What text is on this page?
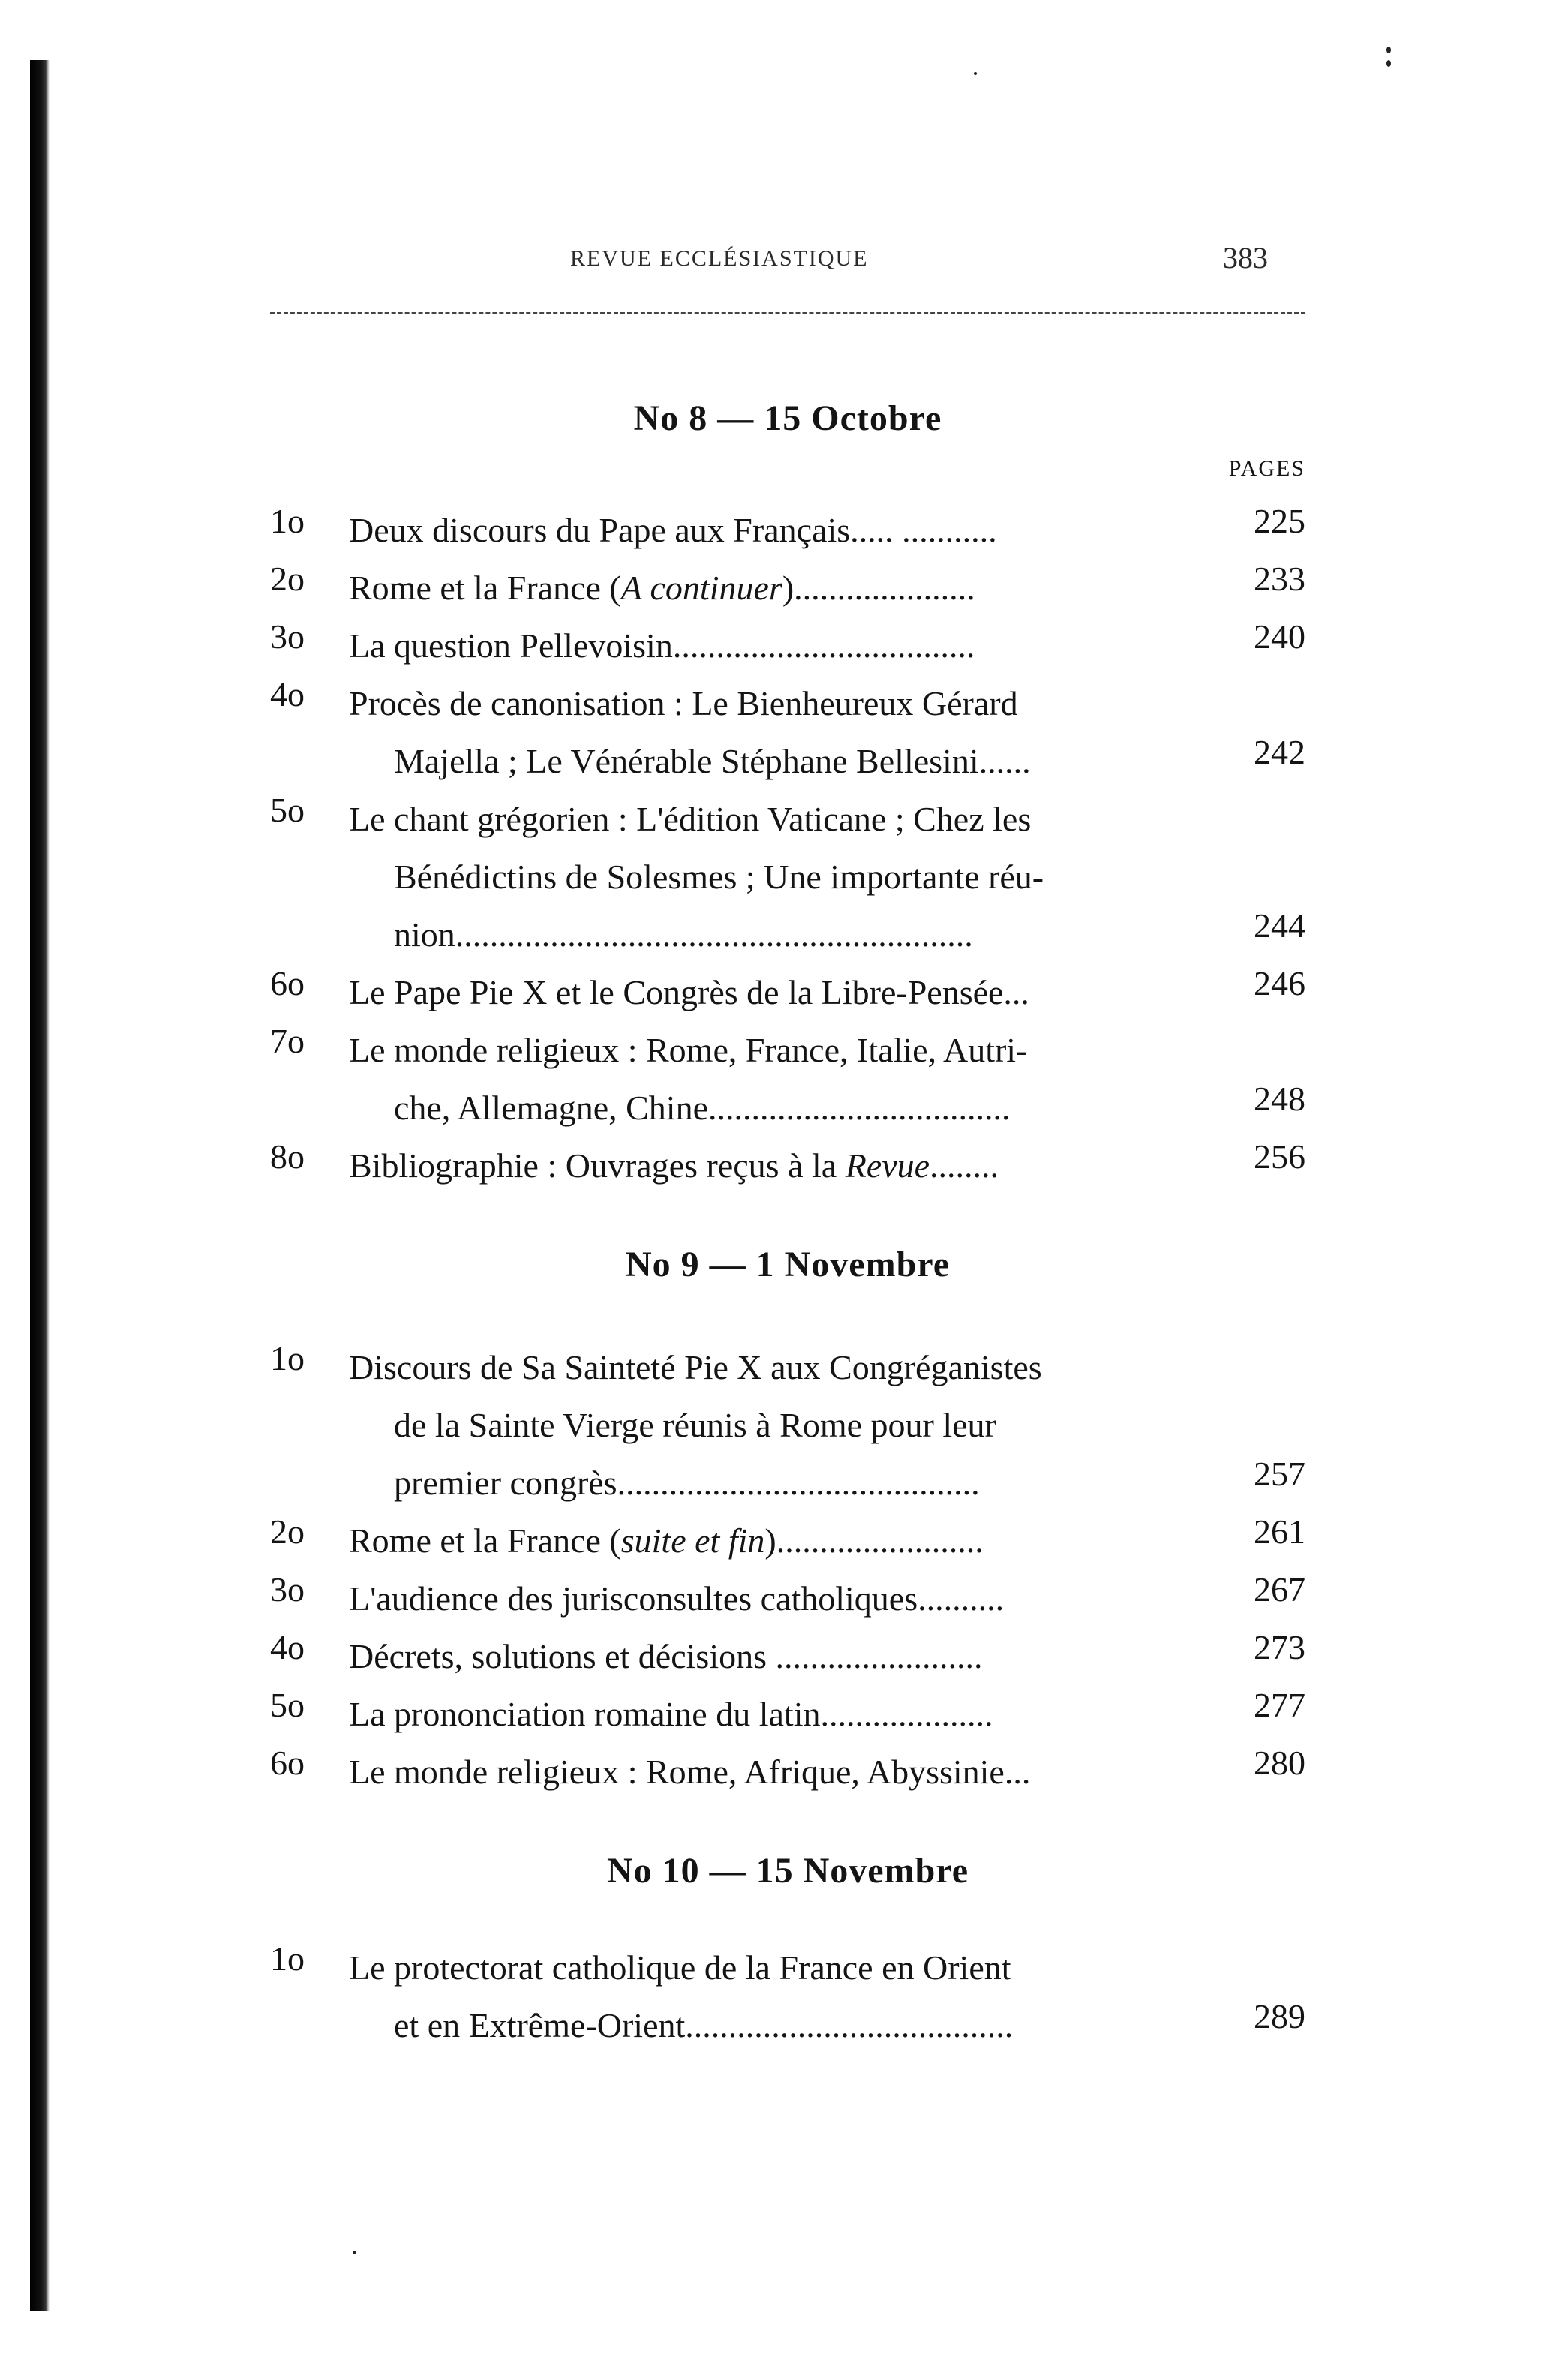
REVUE ECCLÉSIASTIQUE	383
No 8 — 15 Octobre
PAGES
1o Deux discours du Pape aux Français..... ...........	225
2o Rome et la France (A continuer).....................	233
3o La question Pellevoisin...................................	240
4o Procès de canonisation : Le Bienheureux Gérard
Majella ; Le Vénérable Stéphane Bellesini......	242
5o Le chant grégorien : L'édition Vaticane ; Chez les
Bénédictins de Solesmes ; Une importante réu-
nion............................................................	244
6o Le Pape Pie X et le Congrès de la Libre-Pensée...	246
7o Le monde religieux : Rome, France, Italie, Autri-
che, Allemagne, Chine...................................	248
8o Bibliographie : Ouvrages reçus à la Revue........	256
No 9 — 1 Novembre
1o Discours de Sa Sainteté Pie X aux Congréganistes
de la Sainte Vierge réunis à Rome pour leur
premier congrès..........................................	257
2o Rome et la France (suite et fin)........................	261
3o L'audience des jurisconsultes catholiques..........	267
4o Décrets, solutions et décisions ........................	273
5o La prononciation romaine du latin....................	277
6o Le monde religieux : Rome, Afrique, Abyssinie...	280
No 10 — 15 Novembre
1o Le protectorat catholique de la France en Orient
et en Extrême-Orient......................................	289
